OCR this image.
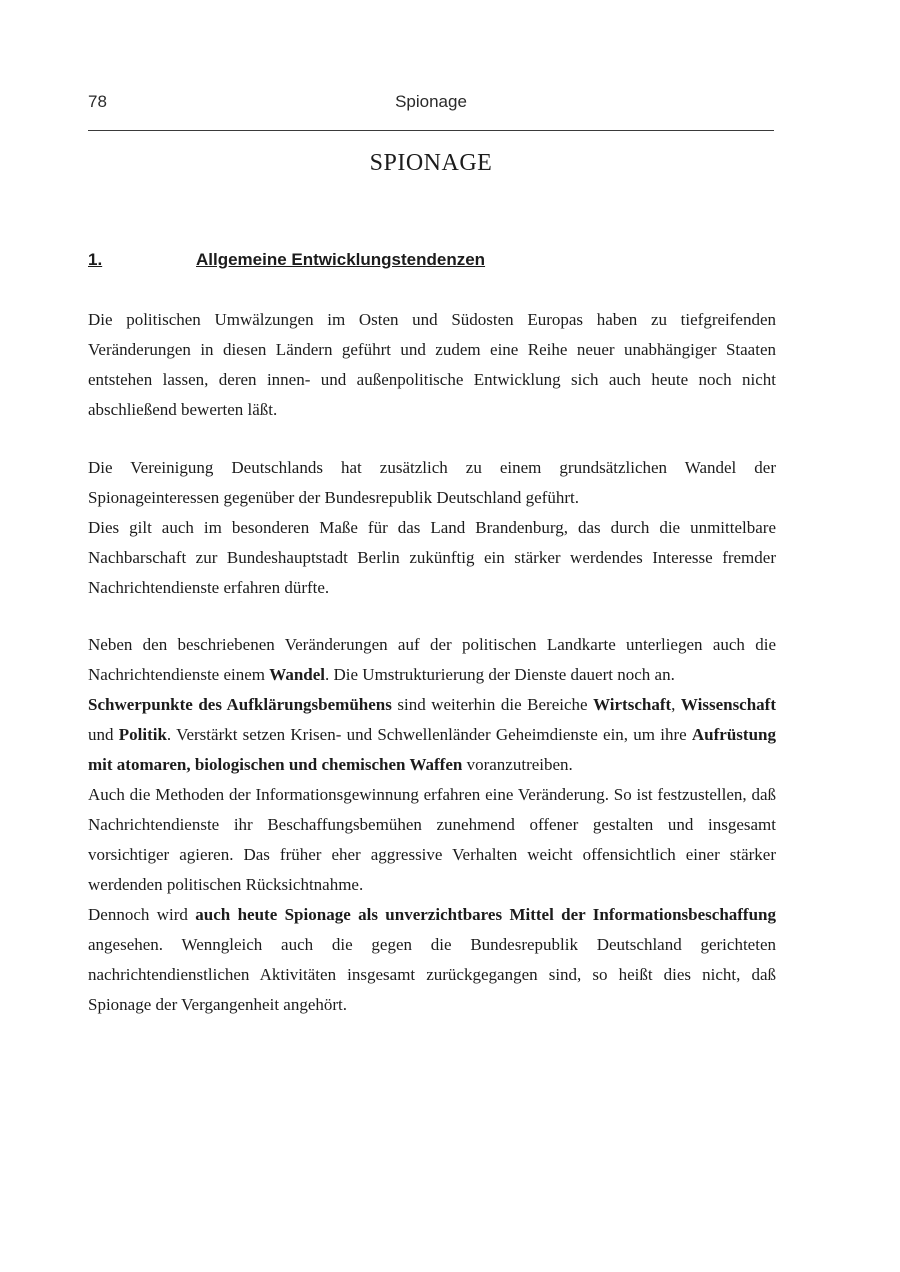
78	Spionage
SPIONAGE
1.	Allgemeine Entwicklungstendenzen

Die politischen Umwälzungen im Osten und Südosten Europas haben zu tiefgreifenden Veränderungen in diesen Ländern geführt und zudem eine Reihe neuer unabhängiger Staaten entstehen lassen, deren innen- und außenpolitische Entwicklung sich auch heute noch nicht abschließend bewerten läßt.

Die Vereinigung Deutschlands hat zusätzlich zu einem grundsätzlichen Wandel der Spionageinteressen gegenüber der Bundesrepublik Deutschland geführt.
Dies gilt auch im besonderen Maße für das Land Brandenburg, das durch die unmittelbare Nachbarschaft zur Bundeshauptstadt Berlin zukünftig ein stärker werdendes Interesse fremder Nachrichtendienste erfahren dürfte.

Neben den beschriebenen Veränderungen auf der politischen Landkarte unterliegen auch die Nachrichtendienste einem Wandel. Die Umstrukturierung der Dienste dauert noch an.
Schwerpunkte des Aufklärungsbemühens sind weiterhin die Bereiche Wirtschaft, Wissenschaft und Politik. Verstärkt setzen Krisen- und Schwellenländer Geheimdienste ein, um ihre Aufrüstung mit atomaren, biologischen und chemischen Waffen voranzutreiben.
Auch die Methoden der Informationsgewinnung erfahren eine Veränderung. So ist festzustellen, daß Nachrichtendienste ihr Beschaffungsbemühen zunehmend offener gestalten und insgesamt vorsichtiger agieren. Das früher eher aggressive Verhalten weicht offensichtlich einer stärker werdenden politischen Rücksichtnahme.
Dennoch wird auch heute Spionage als unverzichtbares Mittel der Informationsbeschaffung angesehen. Wenngleich auch die gegen die Bundesrepublik Deutschland gerichteten nachrichtendienstlichen Aktivitäten insgesamt zurückgegangen sind, so heißt dies nicht, daß Spionage der Vergangenheit angehört.
